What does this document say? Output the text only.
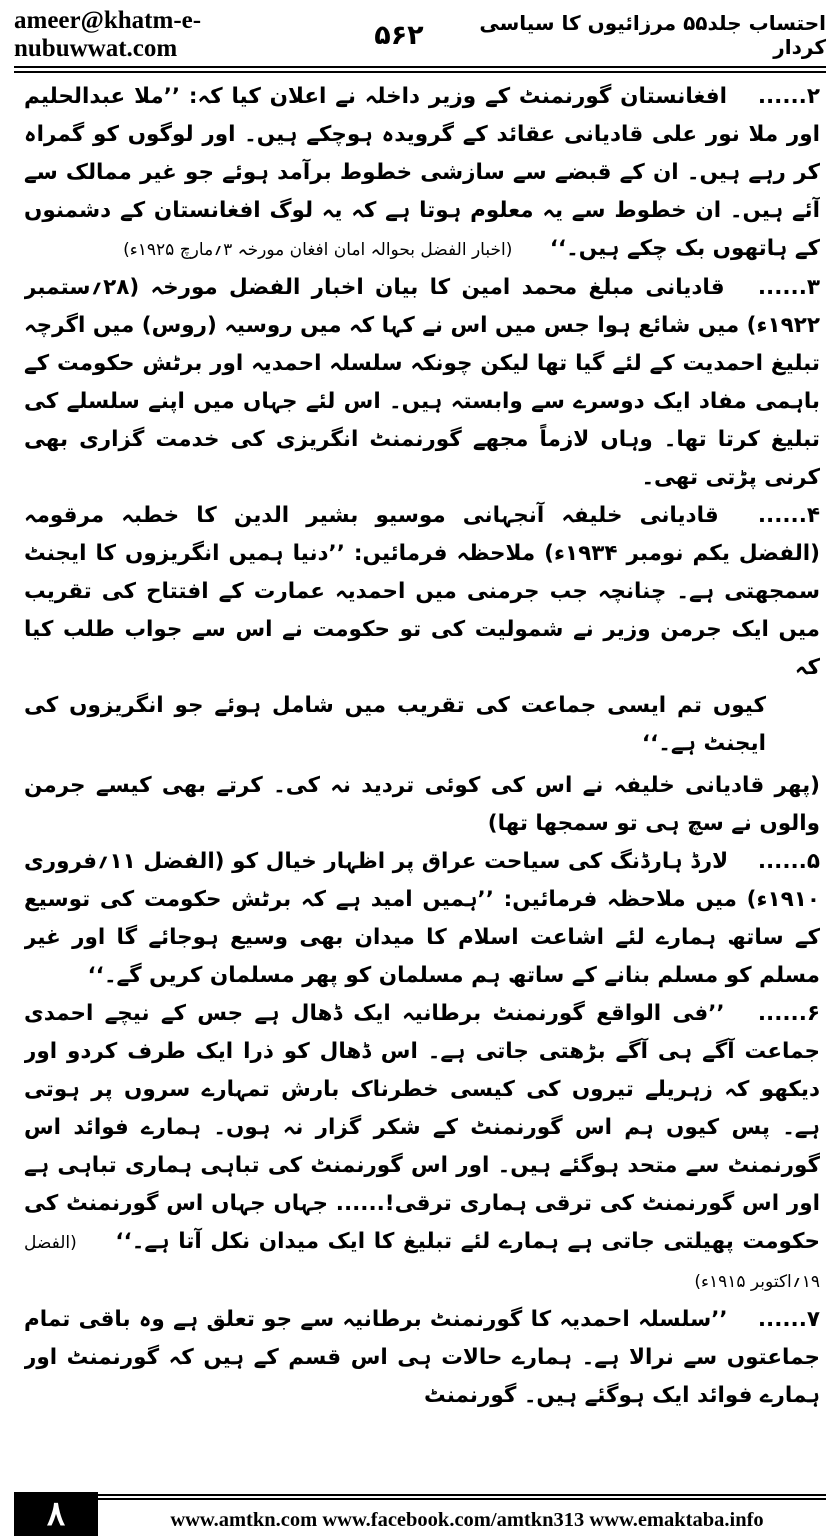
ameer@khatm-e-nubuwwat.com	۵۶۲	احتساب جلد۵۵ مرزائیوں کا سیاسی کردار

۲...... افغانستان گورنمنٹ کے وزیر داخلہ نے اعلان کیا کہ: ’’ملا عبدالحلیم اور ملا نور علی قادیانی عقائد کے گرویدہ ہوچکے ہیں۔ اور لوگوں کو گمراہ کر رہے ہیں۔ ان کے قبضے سے سازشی خطوط برآمد ہوئے جو غیر ممالک سے آئے ہیں۔ ان خطوط سے یہ معلوم ہوتا ہے کہ یہ لوگ افغانستان کے دشمنوں کے ہاتھوں بک چکے ہیں۔‘‘ (اخبار الفضل بحوالہ امان افغان مورخہ ۳؍مارچ ۱۹۲۵ء)

۳...... قادیانی مبلغ محمد امین کا بیان اخبار الفضل مورخہ (۲۸؍ستمبر ۱۹۲۲ء) میں شائع ہوا جس میں اس نے کہا کہ میں روسیہ (روس) میں اگرچہ تبلیغ احمدیت کے لئے گیا تھا لیکن چونکہ سلسلہ احمدیہ اور برٹش حکومت کے باہمی مفاد ایک دوسرے سے وابستہ ہیں۔ اس لئے جہاں میں اپنے سلسلے کی تبلیغ کرتا تھا۔ وہاں لازماً مجھے گورنمنٹ انگریزی کی خدمت گزاری بھی کرنی پڑتی تھی۔

۴...... قادیانی خلیفہ آنجہانی موسیو بشیر الدین کا خطبہ مرقومہ (الفضل یکم نومبر ۱۹۳۴ء) ملاحظہ فرمائیں: ’’دنیا ہمیں انگریزوں کا ایجنٹ سمجھتی ہے۔ چنانچہ جب جرمنی میں احمدیہ عمارت کے افتتاح کی تقریب میں ایک جرمن وزیر نے شمولیت کی تو حکومت نے اس سے جواب طلب کیا کہ
کیوں تم ایسی جماعت کی تقریب میں شامل ہوئے جو انگریزوں کی ایجنٹ ہے۔‘‘

(پھر قادیانی خلیفہ نے اس کی کوئی تردید نہ کی۔ کرتے بھی کیسے جرمن والوں نے سچ ہی تو سمجھا تھا)

۵...... لارڈ ہارڈنگ کی سیاحت عراق پر اظہار خیال کو (الفضل ۱۱؍فروری ۱۹۱۰ء) میں ملاحظہ فرمائیں: ’’ہمیں امید ہے کہ برٹش حکومت کی توسیع کے ساتھ ہمارے لئے اشاعت اسلام کا میدان بھی وسیع ہوجائے گا اور غیر مسلم کو مسلم بنانے کے ساتھ ہم مسلمان کو پھر مسلمان کریں گے۔‘‘

۶...... ’’فی الواقع گورنمنٹ برطانیہ ایک ڈھال ہے جس کے نیچے احمدی جماعت آگے ہی آگے بڑھتی جاتی ہے۔ اس ڈھال کو ذرا ایک طرف کردو اور دیکھو کہ زہریلے تیروں کی کیسی خطرناک بارش تمہارے سروں پر ہوتی ہے۔ پس کیوں ہم اس گورنمنٹ کے شکر گزار نہ ہوں۔ ہمارے فوائد اس گورنمنٹ سے متحد ہوگئے ہیں۔ اور اس گورنمنٹ کی تباہی ہماری تباہی ہے اور اس گورنمنٹ کی ترقی ہماری ترقی!...... جہاں جہاں اس گورنمنٹ کی حکومت پھیلتی جاتی ہے ہمارے لئے تبلیغ کا ایک میدان نکل آتا ہے۔‘‘ (الفضل ۱۹؍اکتوبر ۱۹۱۵ء)

۷...... ’’سلسلہ احمدیہ کا گورنمنٹ برطانیہ سے جو تعلق ہے وہ باقی تمام جماعتوں سے نرالا ہے۔ ہمارے حالات ہی اس قسم کے ہیں کہ گورنمنٹ اور ہمارے فوائد ایک ہوگئے ہیں۔ گورنمنٹ

۸	www.amtkn.com www.facebook.com/amtkn313 www.emaktaba.info
